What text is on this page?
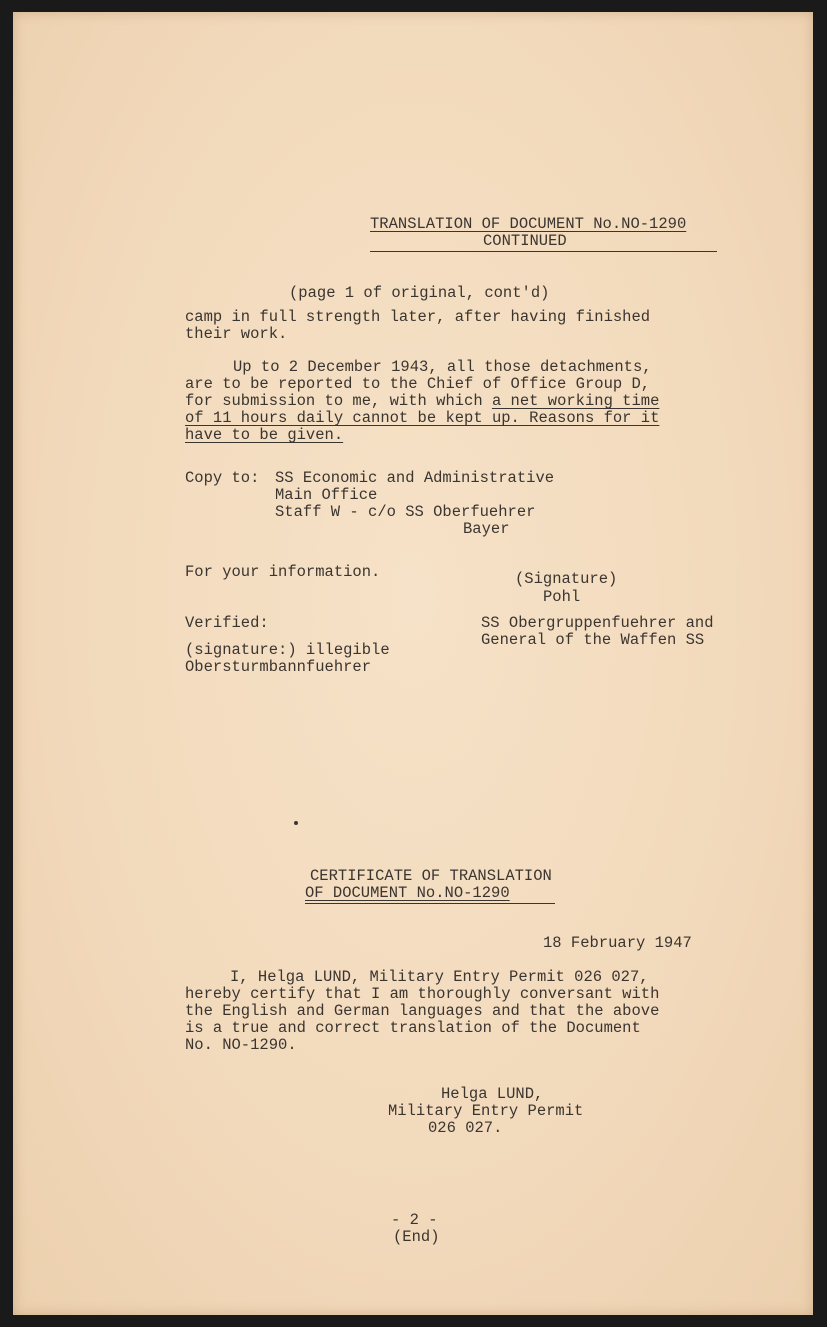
TRANSLATION OF DOCUMENT No.NO-1290
CONTINUED
(page 1 of original, cont'd)
camp in full strength later, after having finished
their work.
Up to 2 December 1943, all those detachments,
are to be reported to the Chief of Office Group D,
for submission to me, with which a net working time
of 11 hours daily cannot be kept up. Reasons for it
have to be given.
Copy to: SS Economic and Administrative
Main Office
Staff W - c/o SS Oberfuehrer
Bayer
For your information.	(Signature)
Pohl
SS Obergruppenfuehrer and
General of the Waffen SS
Verified:
(signature:) illegible
Obersturmbannfuehrer
CERTIFICATE OF TRANSLATION
OF DOCUMENT No.NO-1290
18 February 1947
I, Helga LUND, Military Entry Permit 026 027,
hereby certify that I am thoroughly conversant with
the English and German languages and that the above
is a true and correct translation of the Document
No. NO-1290.
Helga LUND,
Military Entry Permit
026 027.
- 2 -
(End)
